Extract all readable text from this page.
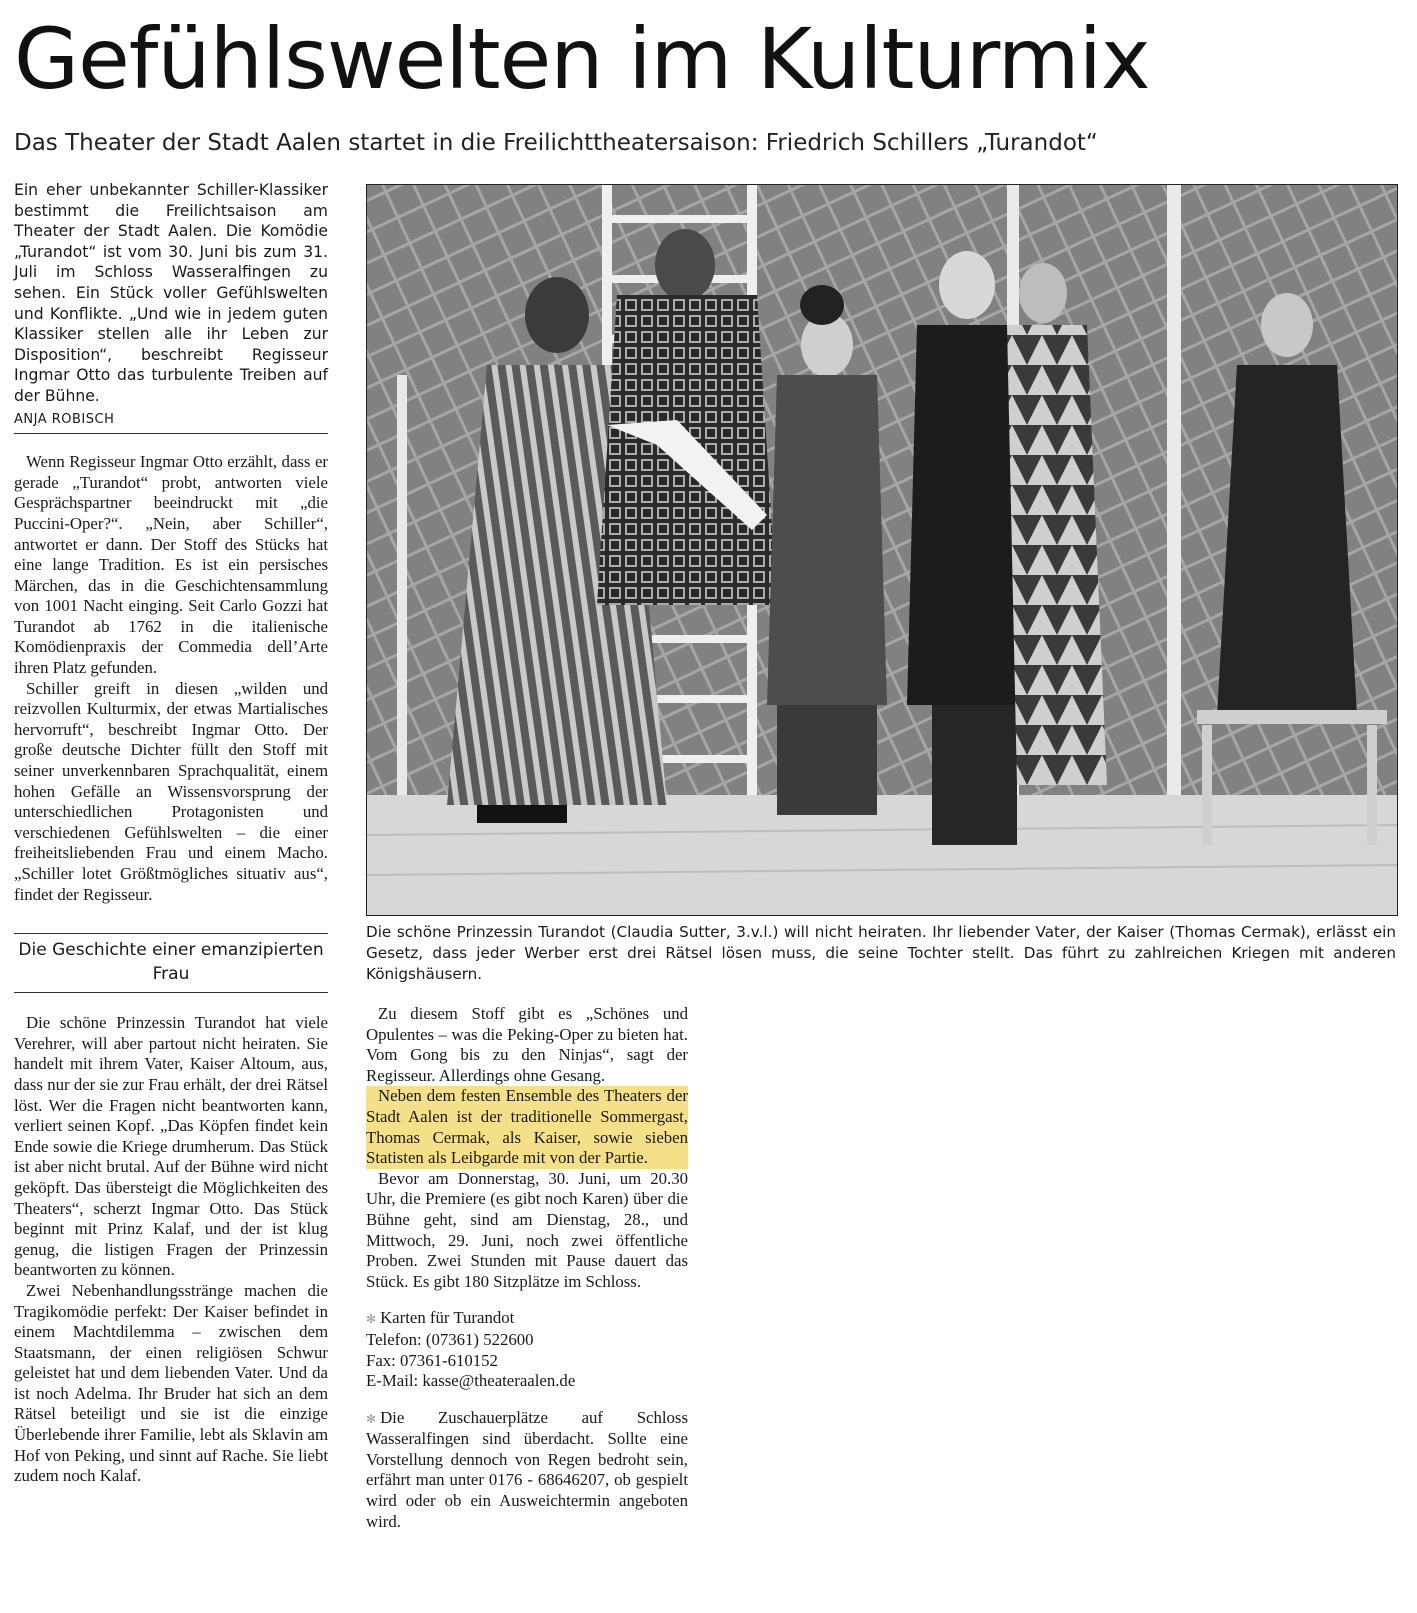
Gefühlswelten im Kulturmix

Das Theater der Stadt Aalen startet in die Freilichttheatersaison: Friedrich Schillers „Turandot“

Ein eher unbekannter Schiller-Klassiker bestimmt die Freilichtsaison am Theater der Stadt Aalen. Die Komödie „Turandot“ ist vom 30. Juni bis zum 31. Juli im Schloss Wasseralfingen zu sehen. Ein Stück voller Gefühlswelten und Konflikte. „Und wie in jedem guten Klassiker stellen alle ihr Leben zur Disposition“, beschreibt Regisseur Ingmar Otto das turbulente Treiben auf der Bühne.

ANJA ROBISCH

Wenn Regisseur Ingmar Otto erzählt, dass er gerade „Turandot“ probt, antworten viele Gesprächspartner beeindruckt mit „die Puccini-Oper?“. „Nein, aber Schiller“, antwortet er dann. Der Stoff des Stücks hat eine lange Tradition. Es ist ein persisches Märchen, das in die Geschichtensammlung von 1001 Nacht einging. Seit Carlo Gozzi hat Turandot ab 1762 in die italienische Komödienpraxis der Commedia dell’Arte ihren Platz gefunden.

Schiller greift in diesen „wilden und reizvollen Kulturmix, der etwas Martialisches hervorruft“, beschreibt Ingmar Otto. Der große deutsche Dichter füllt den Stoff mit seiner unverkennbaren Sprachqualität, einem hohen Gefälle an Wissensvorsprung der unterschiedlichen Protagonisten und verschiedenen Gefühlswelten – die einer freiheitsliebenden Frau und einem Macho. „Schiller lotet Größtmögliches situativ aus“, findet der Regisseur.

Die Geschichte einer emanzipierten Frau

Die schöne Prinzessin Turandot hat viele Verehrer, will aber partout nicht heiraten. Sie handelt mit ihrem Vater, Kaiser Altoum, aus, dass nur der sie zur Frau erhält, der drei Rätsel löst. Wer die Fragen nicht beantworten kann, verliert seinen Kopf. „Das Köpfen findet kein Ende sowie die Kriege drumherum. Das Stück ist aber nicht brutal. Auf der Bühne wird nicht geköpft. Das übersteigt die Möglichkeiten des Theaters“, scherzt Ingmar Otto. Das Stück beginnt mit Prinz Kalaf, und der ist klug genug, die listigen Fragen der Prinzessin beantworten zu können.

Zwei Nebenhandlungsstränge machen die Tragikomödie perfekt: Der Kaiser befindet in einem Machtdilemma – zwischen dem Staatsmann, der einen religiösen Schwur geleistet hat und dem liebenden Vater. Und da ist noch Adelma. Ihr Bruder hat sich an dem Rätsel beteiligt und sie ist die einzige Überlebende ihrer Familie, lebt als Sklavin am Hof von Peking, und sinnt auf Rache. Sie liebt zudem noch Kalaf.

Die schöne Prinzessin Turandot (Claudia Sutter, 3.v.l.) will nicht heiraten. Ihr liebender Vater, der Kaiser (Thomas Cermak), erlässt ein Gesetz, dass jeder Werber erst drei Rätsel lösen muss, die seine Tochter stellt. Das führt zu zahlreichen Kriegen mit anderen Königshäusern.

Zu diesem Stoff gibt es „Schönes und Opulentes – was die Peking-Oper zu bieten hat. Vom Gong bis zu den Ninjas“, sagt der Regisseur. Allerdings ohne Gesang.

Neben dem festen Ensemble des Theaters der Stadt Aalen ist der traditionelle Sommergast, Thomas Cermak, als Kaiser, sowie sieben Statisten als Leibgarde mit von der Partie.

Bevor am Donnerstag, 30. Juni, um 20.30 Uhr, die Premiere (es gibt noch Karen) über die Bühne geht, sind am Dienstag, 28., und Mittwoch, 29. Juni, noch zwei öffentliche Proben. Zwei Stunden mit Pause dauert das Stück. Es gibt 180 Sitzplätze im Schloss.

✻ Karten für Turandot

Telefon: (07361) 522600

Fax: 07361-610152

E-Mail: kasse@theateraalen.de

✻ Die Zuschauerplätze auf Schloss Wasseralfingen sind überdacht. Sollte eine Vorstellung dennoch von Regen bedroht sein, erfährt man unter 0176 - 68646207, ob gespielt wird oder ob ein Ausweichtermin angeboten wird.
